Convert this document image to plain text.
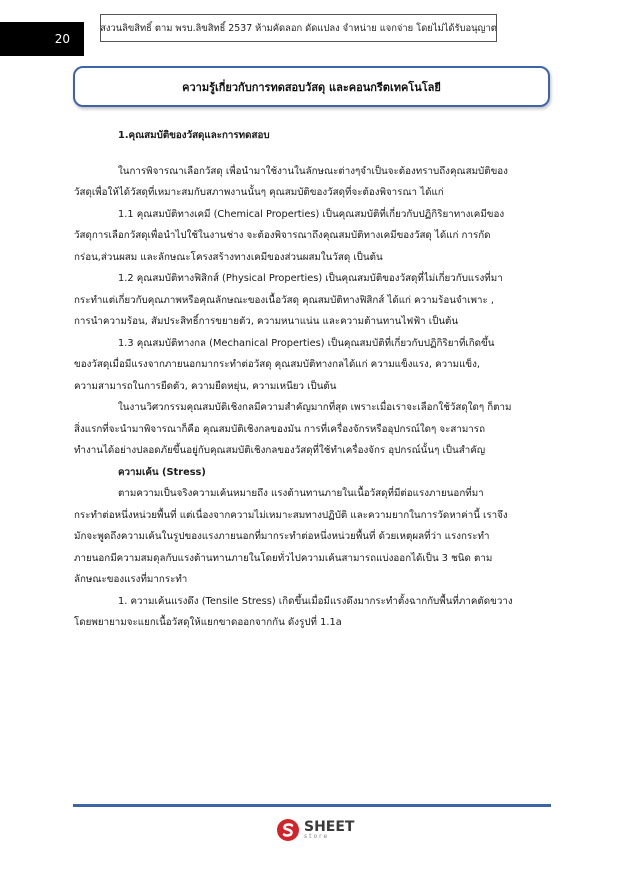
20
สงวนลิขสิทธิ์ ตาม พรบ.ลิขสิทธิ์ 2537 ห้ามคัดลอก ดัดแปลง จำหน่าย แจกจ่าย โดยไม่ได้รับอนุญาต
ความรู้เกี่ยวกับการทดสอบวัสดุ และคอนกรีตเทคโนโลยี

1.คุณสมบัติของวัสดุและการทดสอบ

ในการพิจารณาเลือกวัสดุ เพื่อนำมาใช้งานในลักษณะต่างๆจำเป็นจะต้องทราบถึงคุณสมบัติของ

วัสดุเพื่อให้ได้วัสดุที่เหมาะสมกับสภาพงานนั้นๆ คุณสมบัติของวัสดุที่จะต้องพิจารณา ได้แก่

1.1 คุณสมบัติทางเคมี (Chemical Properties) เป็นคุณสมบัติที่เกี่ยวกับปฏิกิริยาทางเคมีของ

วัสดุการเลือกวัสดุเพื่อนำไปใช้ในงานช่าง จะต้องพิจารณาถึงคุณสมบัติทางเคมีของวัสดุ ได้แก่ การกัด

กร่อน,ส่วนผสม และลักษณะโครงสร้างทางเคมีของส่วนผสมในวัสดุ เป็นต้น

1.2 คุณสมบัติทางฟิสิกส์ (Physical Properties) เป็นคุณสมบัติของวัสดุที่ไม่เกี่ยวกับแรงที่มา

กระทำแต่เกี่ยวกับคุณภาพหรือคุณลักษณะของเนื้อวัสดุ คุณสมบัติทางฟิสิกส์ ได้แก่ ความร้อนจำเพาะ ,

การนำความร้อน, สัมประสิทธิ์การขยายตัว, ความหนาแน่น และความต้านทานไฟฟ้า เป็นต้น

1.3 คุณสมบัติทางกล (Mechanical Properties) เป็นคุณสมบัติที่เกี่ยวกับปฏิกิริยาที่เกิดขึ้น

ของวัสดุเมื่อมีแรงจากภายนอกมากระทำต่อวัสดุ คุณสมบัติทางกลได้แก่ ความแข็งแรง, ความแข็ง,

ความสามารถในการยืดตัว, ความยืดหยุ่น, ความเหนียว เป็นต้น

ในงานวิศวกรรมคุณสมบัติเชิงกลมีความสำคัญมากที่สุด เพราะเมื่อเราจะเลือกใช้วัสดุใดๆ ก็ตาม

สิ่งแรกที่จะนำมาพิจารณาก็คือ คุณสมบัติเชิงกลของมัน การที่เครื่องจักรหรืออุปกรณ์ใดๆ จะสามารถ

ทำงานได้อย่างปลอดภัยขึ้นอยู่กับคุณสมบัติเชิงกลของวัสดุที่ใช้ทำเครื่องจักร อุปกรณ์นั้นๆ เป็นสำคัญ

ความเค้น (Stress)

ตามความเป็นจริงความเค้นหมายถึง แรงต้านทานภายในเนื้อวัสดุที่มีต่อแรงภายนอกที่มา

กระทำต่อหนึ่งหน่วยพื้นที่ แต่เนื่องจากความไม่เหมาะสมทางปฏิบัติ และความยากในการวัดหาค่านี้ เราจึง

มักจะพูดถึงความเค้นในรูปของแรงภายนอกที่มากระทำต่อหนึ่งหน่วยพื้นที่ ด้วยเหตุผลที่ว่า แรงกระทำ

ภายนอกมีความสมดุลกับแรงต้านทานภายในโดยทั่วไปความเค้นสามารถแบ่งออกได้เป็น 3 ชนิด ตาม

ลักษณะของแรงที่มากระทำ

1. ความเค้นแรงดึง (Tensile Stress) เกิดขึ้นเมื่อมีแรงดึงมากระทำตั้งฉากกับพื้นที่ภาคตัดขวาง

โดยพยายามจะแยกเนื้อวัสดุให้แยกขาดออกจากกัน ดังรูปที่ 1.1a

SHEET
store
